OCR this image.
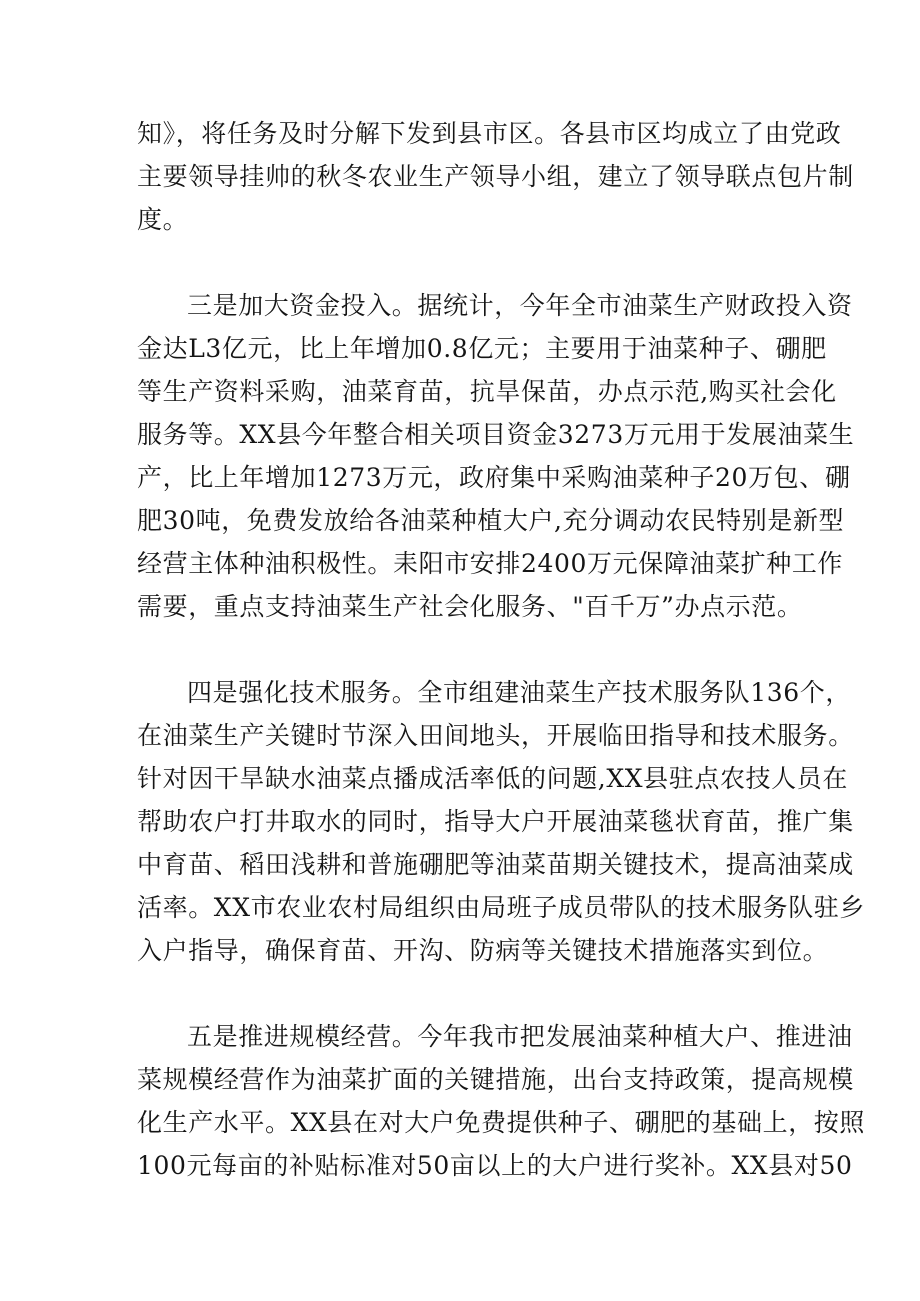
知》，将任务及时分解下发到县市区。各县市区均成立了由党政

主要领导挂帅的秋冬农业生产领导小组，建立了领导联点包片制

度。

三是加大资金投入。据统计，今年全市油菜生产财政投入资

金达L3亿元，比上年增加0.8亿元；主要用于油菜种子、硼肥

等生产资料采购，油菜育苗，抗旱保苗，办点示范,购买社会化

服务等。XX县今年整合相关项目资金3273万元用于发展油菜生

产，比上年增加1273万元，政府集中采购油菜种子20万包、硼

肥30吨，免费发放给各油菜种植大户,充分调动农民特别是新型

经营主体种油积极性。耒阳市安排2400万元保障油菜扩种工作

需要，重点支持油菜生产社会化服务、"百千万”办点示范。

四是强化技术服务。全市组建油菜生产技术服务队136个，

在油菜生产关键时节深入田间地头，开展临田指导和技术服务。

针对因干旱缺水油菜点播成活率低的问题,XX县驻点农技人员在

帮助农户打井取水的同时，指导大户开展油菜毯状育苗，推广集

中育苗、稻田浅耕和普施硼肥等油菜苗期关键技术，提高油菜成

活率。XX市农业农村局组织由局班子成员带队的技术服务队驻乡

入户指导，确保育苗、开沟、防病等关键技术措施落实到位。

五是推进规模经营。今年我市把发展油菜种植大户、推进油

菜规模经营作为油菜扩面的关键措施，出台支持政策，提高规模

化生产水平。XX县在对大户免费提供种子、硼肥的基础上，按照

100元每亩的补贴标准对50亩以上的大户进行奖补。XX县对50
